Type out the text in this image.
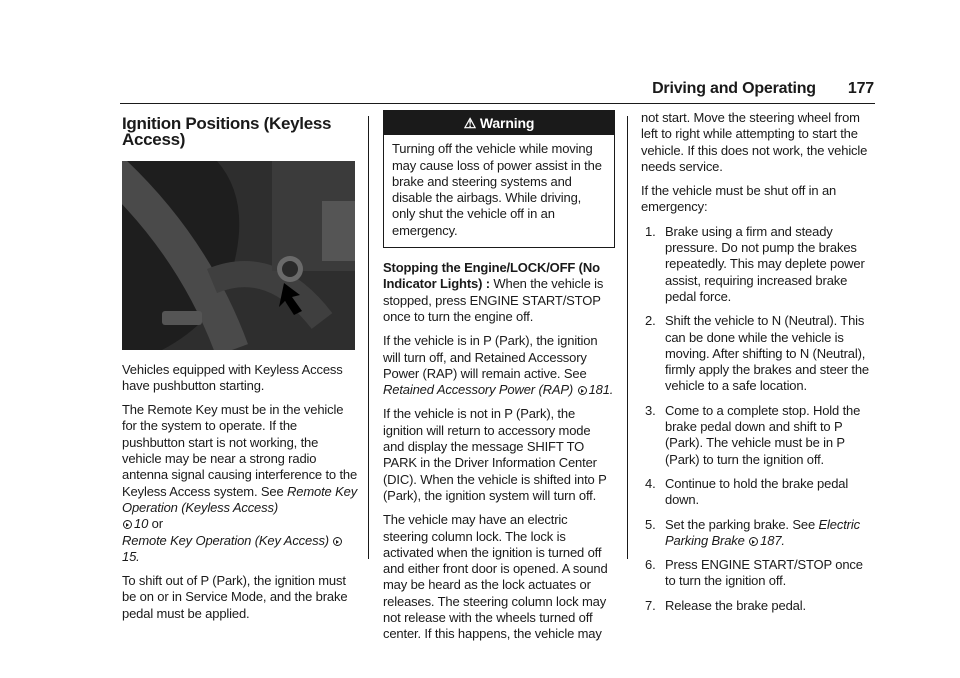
Driving and Operating 177
Ignition Positions (Keyless Access)

Vehicles equipped with Keyless Access have pushbutton starting.

The Remote Key must be in the vehicle for the system to operate. If the pushbutton start is not working, the vehicle may be near a strong radio antenna signal causing interference to the Keyless Access system. See Remote Key Operation (Keyless Access)
10 or
Remote Key Operation (Key Access) 15.

To shift out of P (Park), the ignition must be on or in Service Mode, and the brake pedal must be applied.

⚠ Warning
Turning off the vehicle while moving may cause loss of power assist in the brake and steering systems and disable the airbags. While driving, only shut the vehicle off in an emergency.

Stopping the Engine/LOCK/OFF (No Indicator Lights) : When the vehicle is stopped, press ENGINE START/STOP once to turn the engine off.

If the vehicle is in P (Park), the ignition will turn off, and Retained Accessory Power (RAP) will remain active. See Retained Accessory Power (RAP) 181.

If the vehicle is not in P (Park), the ignition will return to accessory mode and display the message SHIFT TO PARK in the Driver Information Center (DIC). When the vehicle is shifted into P (Park), the ignition system will turn off.

The vehicle may have an electric steering column lock. The lock is activated when the ignition is turned off and either front door is opened. A sound may be heard as the lock actuates or releases. The steering column lock may not release with the wheels turned off center. If this happens, the vehicle may

not start. Move the steering wheel from left to right while attempting to start the vehicle. If this does not work, the vehicle needs service.

If the vehicle must be shut off in an emergency:

1. Brake using a firm and steady pressure. Do not pump the brakes repeatedly. This may deplete power assist, requiring increased brake pedal force.
2. Shift the vehicle to N (Neutral). This can be done while the vehicle is moving. After shifting to N (Neutral), firmly apply the brakes and steer the vehicle to a safe location.
3. Come to a complete stop. Hold the brake pedal down and shift to P (Park). The vehicle must be in P (Park) to turn the ignition off.
4. Continue to hold the brake pedal down.
5. Set the parking brake. See Electric Parking Brake 187.
6. Press ENGINE START/STOP once to turn the ignition off.
7. Release the brake pedal.
